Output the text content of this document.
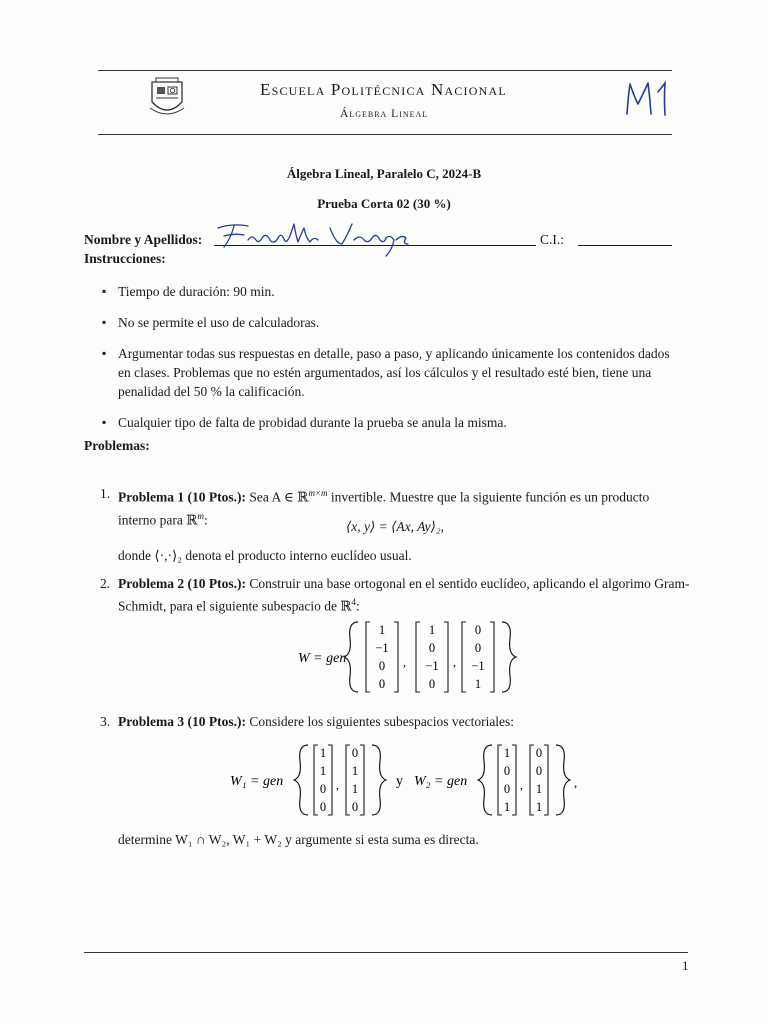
Escuela Politécnica Nacional
Álgebra Lineal
Álgebra Lineal, Paralelo C, 2024-B
Prueba Corta 02 (30 %)
Nombre y Apellidos:	C.I.:
Instrucciones:
▪ Tiempo de duración: 90 min.
▪ No se permite el uso de calculadoras.
▪ Argumentar todas sus respuestas en detalle, paso a paso, y aplicando únicamente los contenidos dados en clases. Problemas que no estén argumentados, así los cálculos y el resultado esté bien, tiene una penalidad del 50 % la calificación.
▪ Cualquier tipo de falta de probidad durante la prueba se anula la misma.
Problemas:
1. Problema 1 (10 Ptos.): Sea A ∈ ℝ$^{m\times m}$ invertible. Muestre que la siguiente función es un producto interno para ℝ$^m$:	⟨x, y⟩ = ⟨Ax, Ay⟩₂,
donde ⟨·,·⟩₂ denota el producto interno euclídeo usual.
2. Problema 2 (10 Ptos.): Construir una base ortogonal en el sentido euclídeo, aplicando el algorimo Gram-Schmidt, para el siguiente subespacio de ℝ$^4$:
W = gen
1
−1
0
0
,
1
0
−1
0
,
0
0
−1
1
3. Problema 3 (10 Ptos.): Considere los siguientes subespacios vectoriales:
W₁ = gen
1
1
0
0
,
0
1
1
0
y W₂ = gen
1
0
0
1
,
0
0
1
1
,
determine W₁ ∩ W₂, W₁ + W₂ y argumente si esta suma es directa.
1
